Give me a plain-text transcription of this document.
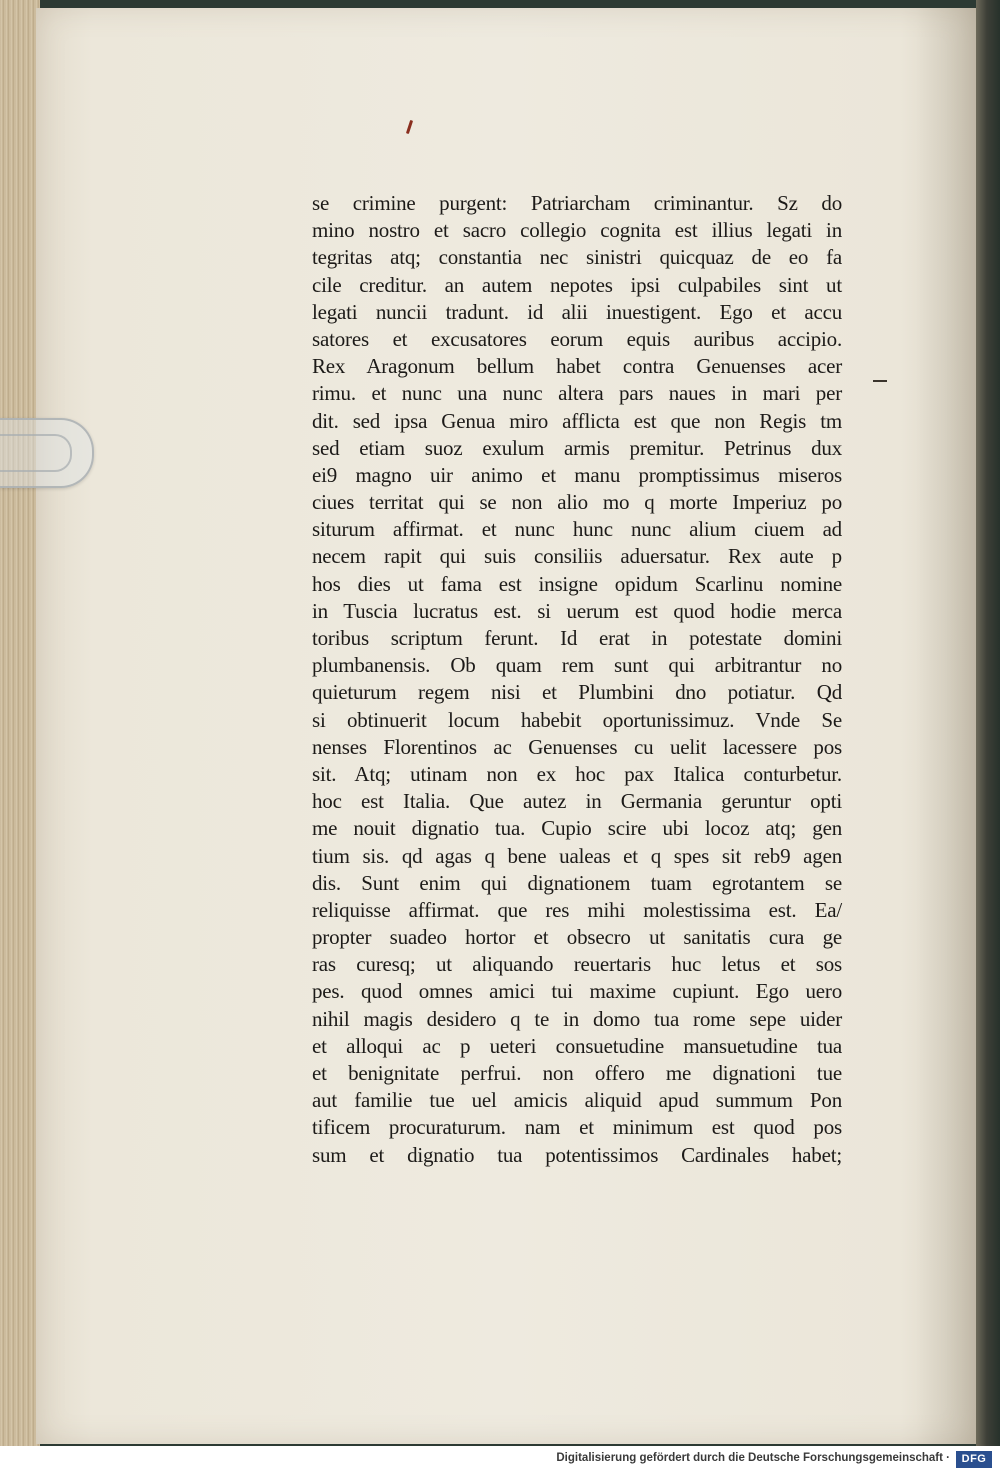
se crimine purgent: Patriarcham criminantur. Sz do
mino nostro et sacro collegio cognita est illius legati in
tegritas atq; constantia nec sinistri quicquaz de eo fa
cile creditur. an autem nepotes ipsi culpabiles sint ut
legati nuncii tradunt. id alii inuestigent. Ego et accu
satores et excusatores eorum equis auribus accipio.
Rex Aragonum bellum habet contra Genuenses acer
rimu. et nunc una nunc altera pars naues in mari per
dit. sed ipsa Genua miro afflicta est que non Regis tm
sed etiam suoz exulum armis premitur. Petrinus dux
ei9 magno uir animo et manu promptissimus miseros
ciues territat qui se non alio mo q morte Imperiuz po
siturum affirmat. et nunc hunc nunc alium ciuem ad
necem rapit qui suis consiliis aduersatur. Rex aute p
hos dies ut fama est insigne opidum Scarlinu nomine
in Tuscia lucratus est. si uerum est quod hodie merca
toribus scriptum ferunt. Id erat in potestate domini
plumbanensis. Ob quam rem sunt qui arbitrantur no
quieturum regem nisi et Plumbini dno potiatur. Qd
si obtinuerit locum habebit oportunissimuz. Vnde Se
nenses Florentinos ac Genuenses cu uelit lacessere pos
sit. Atq; utinam non ex hoc pax Italica conturbetur.
hoc est Italia. Que autez in Germania geruntur opti
me nouit dignatio tua. Cupio scire ubi locoz atq; gen
tium sis. qd agas q bene ualeas et q spes sit reb9 agen
dis. Sunt enim qui dignationem tuam egrotantem se
reliquisse affirmat. que res mihi molestissima est. Ea/
propter suadeo hortor et obsecro ut sanitatis cura ge
ras curesq; ut aliquando reuertaris huc letus et sos
pes. quod omnes amici tui maxime cupiunt. Ego uero
nihil magis desidero q te in domo tua rome sepe uider
et alloqui ac p ueteri consuetudine mansuetudine tua
et benignitate perfrui. non offero me dignationi tue
aut familie tue uel amicis aliquid apud summum Pon
tificem procuraturum. nam et minimum est quod pos
sum et dignatio tua potentissimos Cardinales habet;
Digitalisierung gefördert durch die Deutsche Forschungsgemeinschaft ·	DFG
